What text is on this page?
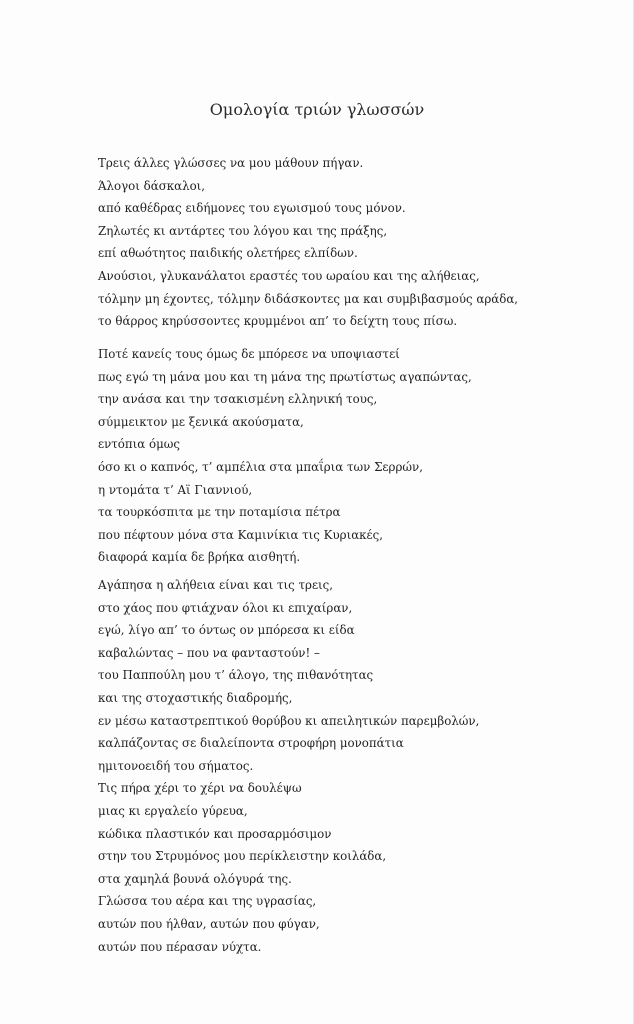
Ομολογία τριών γλωσσών
Τρεις άλλες γλώσσες να μου μάθουν πήγαν.
Άλογοι δάσκαλοι,
από καθέδρας ειδήμονες του εγωισμού τους μόνον.
Ζηλωτές κι αντάρτες του λόγου και της πράξης,
επί αθωότητος παιδικής ολετήρες ελπίδων.
Ανούσιοι, γλυκανάλατοι εραστές του ωραίου και της αλήθειας,
τόλμην μη έχοντες, τόλμην διδάσκοντες μα και συμβιβασμούς αράδα,
το θάρρος κηρύσσοντες κρυμμένοι απ’ το δείχτη τους πίσω.
Ποτέ κανείς τους όμως δε μπόρεσε να υποψιαστεί
πως εγώ τη μάνα μου και τη μάνα της πρωτίστως αγαπώντας,
την ανάσα και την τσακισμένη ελληνική τους,
σύμμεικτον με ξενικά ακούσματα,
εντόπια όμως
όσο κι ο καπνός, τ’ αμπέλια στα μπαΐρια των Σερρών,
η ντομάτα τ’ Αϊ Γιαννιού,
τα τουρκόσπιτα με την ποταμίσια πέτρα
που πέφτουν μόνα στα Καμινίκια τις Κυριακές,
διαφορά καμία δε βρήκα αισθητή.
Αγάπησα η αλήθεια είναι και τις τρεις,
στο χάος που φτιάχναν όλοι κι επιχαίραν,
εγώ, λίγο απ’ το όντως ον μπόρεσα κι είδα
καβαλώντας – που να φανταστούν! –
του Παππούλη μου τ’ άλογο, της πιθανότητας
και της στοχαστικής διαδρομής,
εν μέσω καταστρεπτικού θορύβου κι απειλητικών παρεμβολών,
καλπάζοντας σε διαλείποντα στροφήρη μονοπάτια
ημιτονοειδή του σήματος.
Τις πήρα χέρι το χέρι να δουλέψω
μιας κι εργαλείο γύρευα,
κώδικα πλαστικόν και προσαρμόσιμον
στην του Στρυμόνος μου περίκλειστην κοιλάδα,
στα χαμηλά βουνά ολόγυρά της.
Γλώσσα του αέρα και της υγρασίας,
αυτών που ήλθαν, αυτών που φύγαν,
αυτών που πέρασαν νύχτα.
